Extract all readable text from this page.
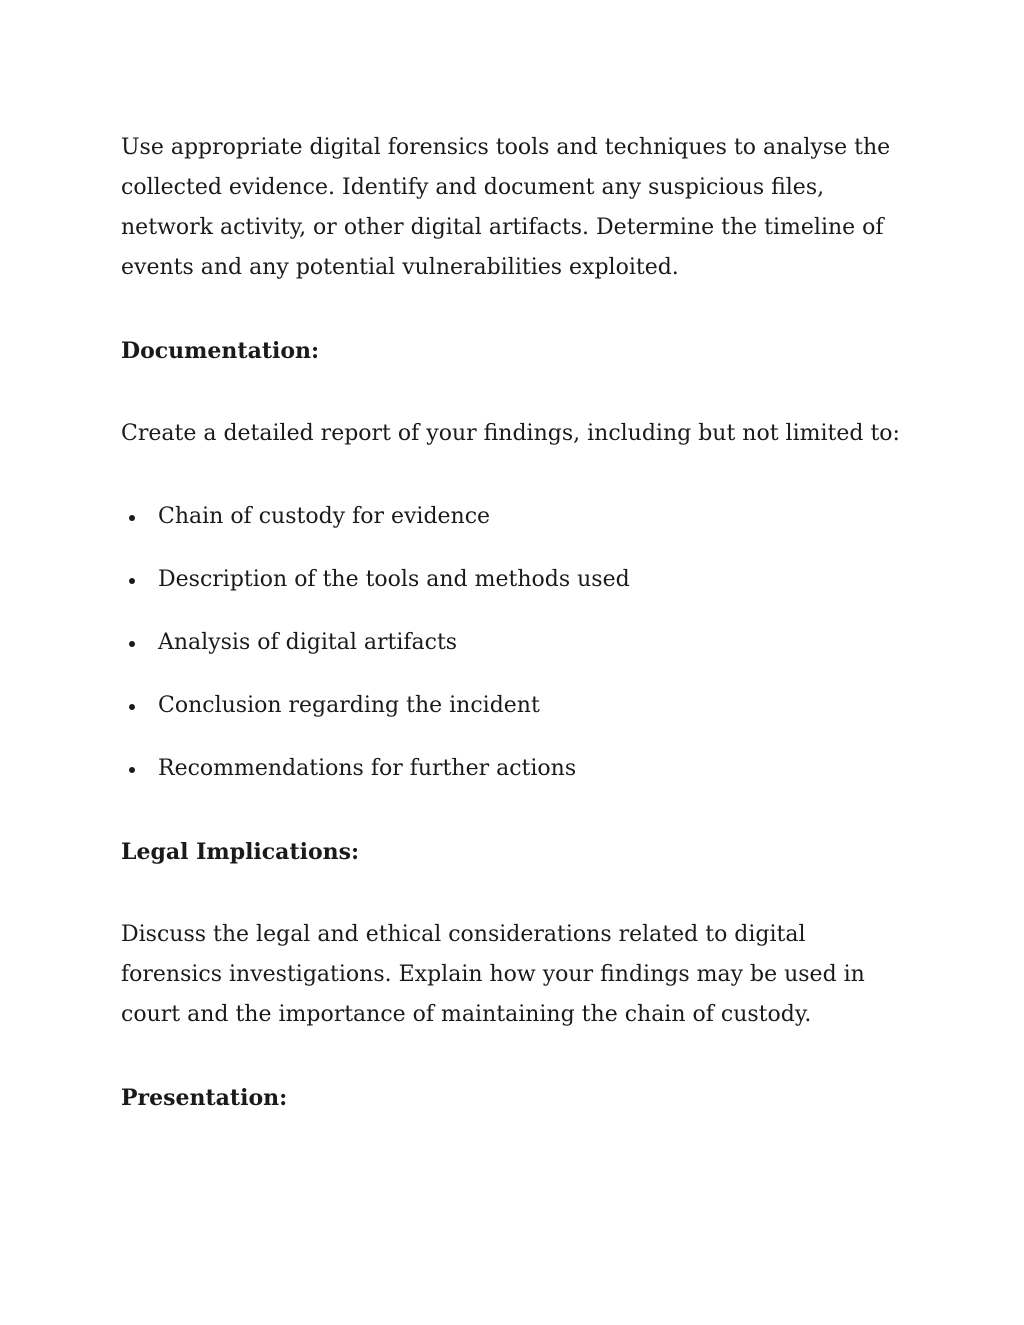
Use appropriate digital forensics tools and techniques to analyse the collected evidence. Identify and document any suspicious files, network activity, or other digital artifacts. Determine the timeline of events and any potential vulnerabilities exploited.

Documentation:

Create a detailed report of your findings, including but not limited to:

Chain of custody for evidence
Description of the tools and methods used
Analysis of digital artifacts
Conclusion regarding the incident
Recommendations for further actions
Legal Implications:

Discuss the legal and ethical considerations related to digital forensics investigations. Explain how your findings may be used in court and the importance of maintaining the chain of custody.

Presentation:
